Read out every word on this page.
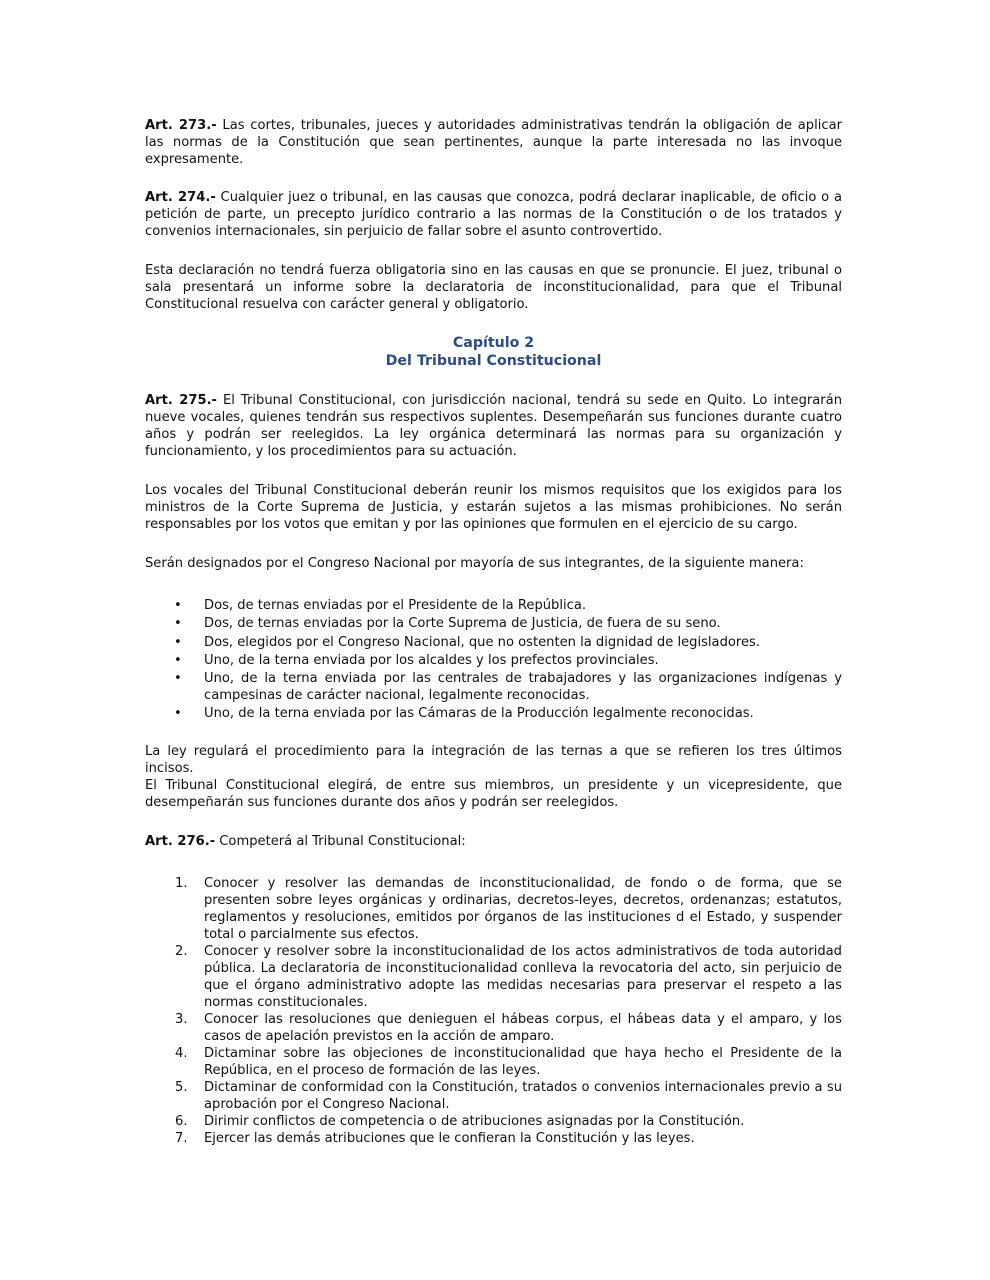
Art. 273.- Las cortes, tribunales, jueces y autoridades administrativas tendrán la obligación de aplicar las normas de la Constitución que sean pertinentes, aunque la parte interesada no las invoque expresamente.

Art. 274.- Cualquier juez o tribunal, en las causas que conozca, podrá declarar inaplicable, de oficio o a petición de parte, un precepto jurídico contrario a las normas de la Constitución o de los tratados y convenios internacionales, sin perjuicio de fallar sobre el asunto controvertido.

Esta declaración no tendrá fuerza obligatoria sino en las causas en que se pronuncie. El juez, tribunal o sala presentará un informe sobre la declaratoria de inconstitucionalidad, para que el Tribunal Constitucional resuelva con carácter general y obligatorio.

Capítulo 2
Del Tribunal Constitucional

Art. 275.- El Tribunal Constitucional, con jurisdicción nacional, tendrá su sede en Quito. Lo integrarán nueve vocales, quienes tendrán sus respectivos suplentes. Desempeñarán sus funciones durante cuatro años y podrán ser reelegidos. La ley orgánica determinará las normas para su organización y funcionamiento, y los procedimientos para su actuación.

Los vocales del Tribunal Constitucional deberán reunir los mismos requisitos que los exigidos para los ministros de la Corte Suprema de Justicia, y estarán sujetos a las mismas prohibiciones. No serán responsables por los votos que emitan y por las opiniones que formulen en el ejercicio de su cargo.

Serán designados por el Congreso Nacional por mayoría de sus integrantes, de la siguiente manera:

• Dos, de ternas enviadas por el Presidente de la República.
• Dos, de ternas enviadas por la Corte Suprema de Justicia, de fuera de su seno.
• Dos, elegidos por el Congreso Nacional, que no ostenten la dignidad de legisladores.
• Uno, de la terna enviada por los alcaldes y los prefectos provinciales.
• Uno, de la terna enviada por las centrales de trabajadores y las organizaciones indígenas y campesinas de carácter nacional, legalmente reconocidas.
• Uno, de la terna enviada por las Cámaras de la Producción legalmente reconocidas.

La ley regulará el procedimiento para la integración de las ternas a que se refieren los tres últimos incisos.

El Tribunal Constitucional elegirá, de entre sus miembros, un presidente y un vicepresidente, que desempeñarán sus funciones durante dos años y podrán ser reelegidos.

Art. 276.- Competerá al Tribunal Constitucional:

1. Conocer y resolver las demandas de inconstitucionalidad, de fondo o de forma, que se presenten sobre leyes orgánicas y ordinarias, decretos-leyes, decretos, ordenanzas; estatutos, reglamentos y resoluciones, emitidos por órganos de las instituciones d el Estado, y suspender total o parcialmente sus efectos.
2. Conocer y resolver sobre la inconstitucionalidad de los actos administrativos de toda autoridad pública. La declaratoria de inconstitucionalidad conlleva la revocatoria del acto, sin perjuicio de que el órgano administrativo adopte las medidas necesarias para preservar el respeto a las normas constitucionales.
3. Conocer las resoluciones que denieguen el hábeas corpus, el hábeas data y el amparo, y los casos de apelación previstos en la acción de amparo.
4. Dictaminar sobre las objeciones de inconstitucionalidad que haya hecho el Presidente de la República, en el proceso de formación de las leyes.
5. Dictaminar de conformidad con la Constitución, tratados o convenios internacionales previo a su aprobación por el Congreso Nacional.
6. Dirimir conflictos de competencia o de atribuciones asignadas por la Constitución.
7. Ejercer las demás atribuciones que le confieran la Constitución y las leyes.
